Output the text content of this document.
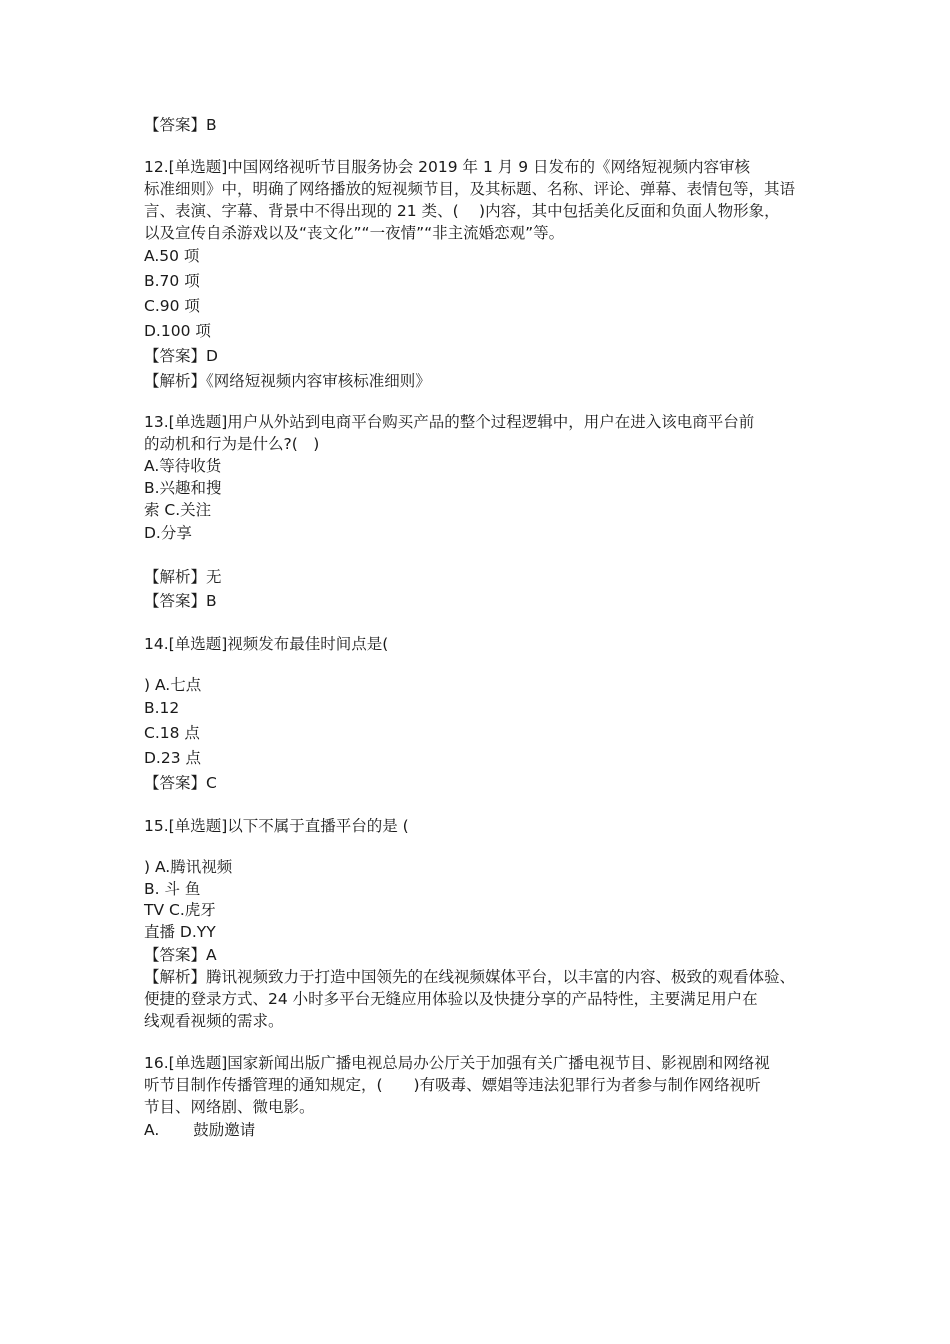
【答案】B
12.[单选题]中国网络视听节目服务协会 2019 年 1 月 9 日发布的《网络短视频内容审核
标准细则》中，明确了网络播放的短视频节目，及其标题、名称、评论、弹幕、表情包等，其语
言、表演、字幕、背景中不得出现的 21 类、(　 )内容，其中包括美化反面和负面人物形象，
以及宣传自杀游戏以及“丧文化”“一夜情”“非主流婚恋观”等。
A.50 项
B.70 项
C.90 项
D.100 项
【答案】D
【解析】《网络短视频内容审核标准细则》
13.[单选题]用户从外站到电商平台购买产品的整个过程逻辑中，用户在进入该电商平台前
的动机和行为是什么?(　)
A.等待收货
B.兴趣和搜
索 C.关注
D.分享
【解析】无
【答案】B
14.[单选题]视频发布最佳时间点是(
) A.七点
B.12
C.18 点
D.23 点
【答案】C
15.[单选题]以下不属于直播平台的是 (
) A.腾讯视频
B. 斗 鱼
TV C.虎牙
直播 D.YY
【答案】A
【解析】腾讯视频致力于打造中国领先的在线视频媒体平台，以丰富的内容、极致的观看体验、
便捷的登录方式、24 小时多平台无缝应用体验以及快捷分享的产品特性，主要满足用户在
线观看视频的需求。
16.[单选题]国家新闻出版广播电视总局办公厅关于加强有关广播电视节目、影视剧和网络视
听节目制作传播管理的通知规定，(　　)有吸毒、嫖娼等违法犯罪行为者参与制作网络视听
节目、网络剧、微电影。
A. 鼓励邀请
